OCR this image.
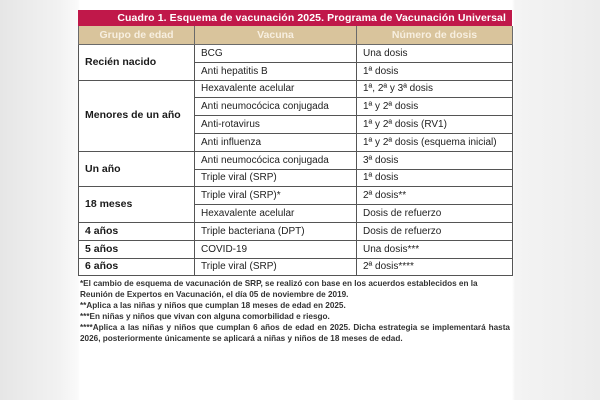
Cuadro 1. Esquema de vacunación 2025. Programa de Vacunación Universal
Grupo de edad	Vacuna	Número de dosis
Recién nacido	BCG	Una dosis
	Anti hepatitis B	1ª dosis
Menores de un año	Hexavalente acelular	1ª, 2ª y 3ª dosis
	Anti neumocócica conjugada	1ª y 2ª dosis
	Anti-rotavirus	1ª y 2ª dosis (RV1)
	Anti influenza	1ª y 2ª dosis (esquema inicial)
Un año	Anti neumocócica conjugada	3ª dosis
	Triple viral (SRP)	1ª dosis
18 meses	Triple viral (SRP)*	2ª dosis**
	Hexavalente acelular	Dosis de refuerzo
4 años	Triple bacteriana (DPT)	Dosis de refuerzo
5 años	COVID-19	Una dosis***
6 años	Triple viral (SRP)	2ª dosis****

*El cambio de esquema de vacunación de SRP, se realizó con base en los acuerdos establecidos en la Reunión de Expertos en Vacunación, el día 05 de noviembre de 2019.

**Aplica a las niñas y niños que cumplan 18 meses de edad en 2025.

***En niñas y niños que vivan con alguna comorbilidad e riesgo.

****Aplica a las niñas y niños que cumplan 6 años de edad en 2025. Dicha estrategia se implementará hasta 2026, posteriormente únicamente se aplicará a niñas y niños de 18 meses de edad.
